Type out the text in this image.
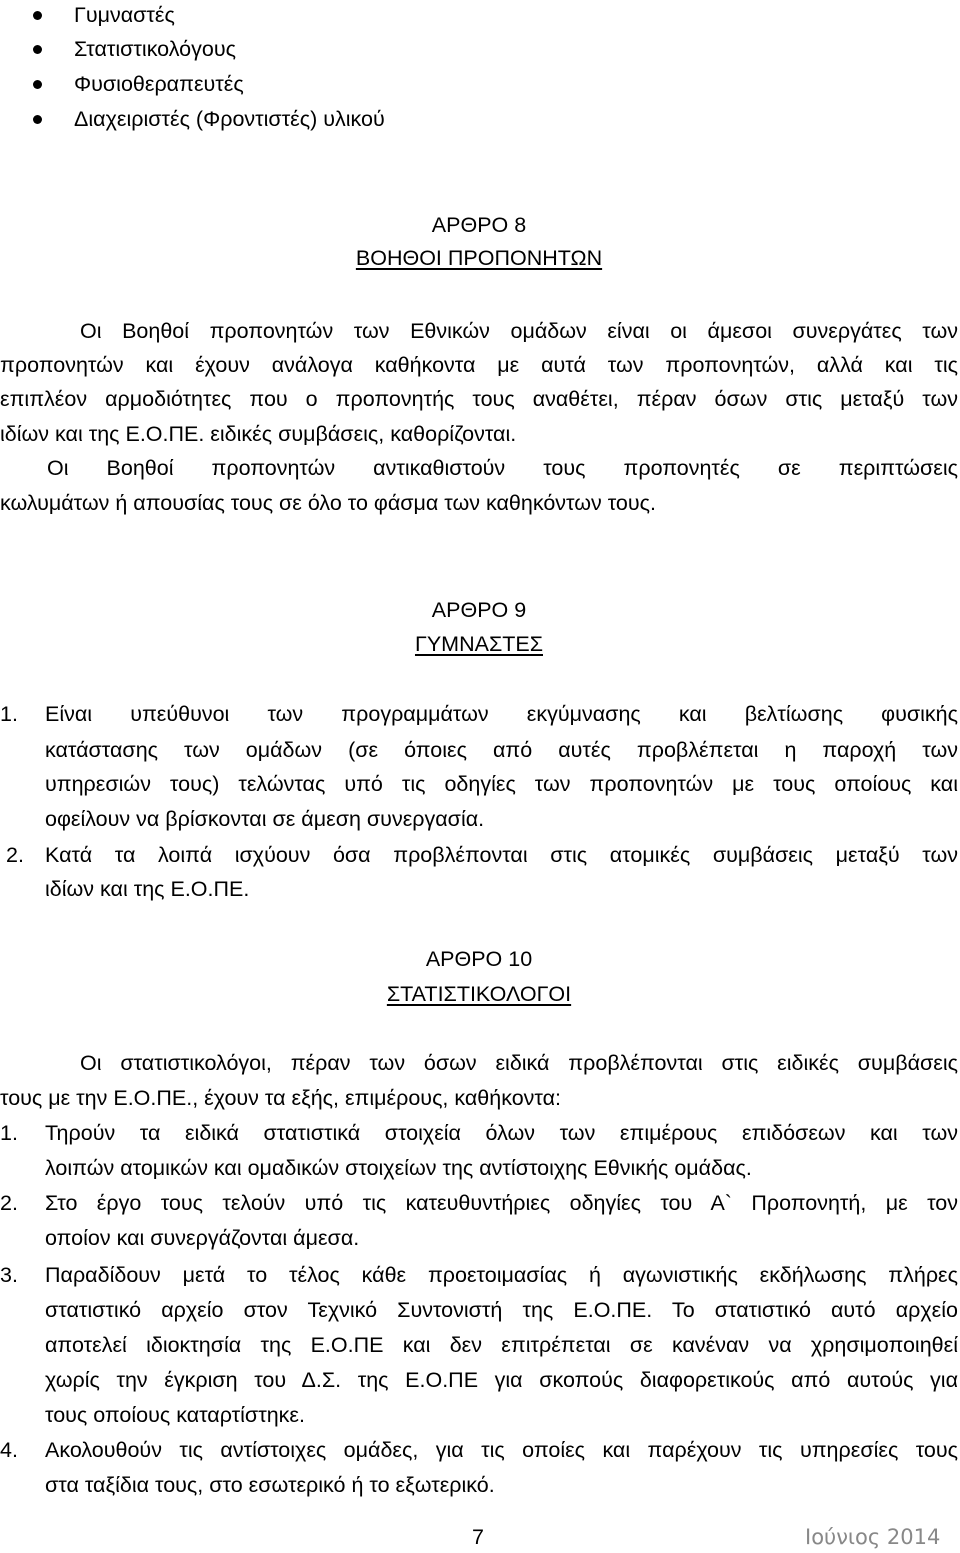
Γυμναστές
Στατιστικολόγους
Φυσιοθεραπευτές
Διαχειριστές (Φροντιστές) υλικού
ΑΡΘΡΟ 8
ΒΟΗΘΟΙ ΠΡΟΠΟΝΗΤΩΝ
Οι Βοηθοί προπονητών των Εθνικών ομάδων είναι οι άμεσοι συνεργάτες των
προπονητών και έχουν ανάλογα καθήκοντα με αυτά των προπονητών, αλλά και τις
επιπλέον αρμοδιότητες που ο προπονητής τους αναθέτει, πέραν όσων στις μεταξύ των
ιδίων και της Ε.Ο.ΠΕ. ειδικές συμβάσεις, καθορίζονται.
Οι Βοηθοί προπονητών αντικαθιστούν τους προπονητές σε περιπτώσεις
κωλυμάτων ή απουσίας τους σε όλο το φάσμα των καθηκόντων τους.
ΑΡΘΡΟ 9
ΓΥΜΝΑΣΤΕΣ
1. Είναι υπεύθυνοι των προγραμμάτων εκγύμνασης και βελτίωσης φυσικής
κατάστασης των ομάδων (σε όποιες από αυτές προβλέπεται η παροχή των
υπηρεσιών τους) τελώντας υπό τις οδηγίες των προπονητών με τους οποίους και
οφείλουν να βρίσκονται σε άμεση συνεργασία.
2. Κατά τα λοιπά ισχύουν όσα προβλέπονται στις ατομικές συμβάσεις μεταξύ των
ιδίων και της Ε.Ο.ΠΕ.
ΑΡΘΡΟ 10
ΣΤΑΤΙΣΤΙΚΟΛΟΓΟΙ
Οι στατιστικολόγοι, πέραν των όσων ειδικά προβλέπονται στις ειδικές συμβάσεις
τους με την Ε.Ο.ΠΕ., έχουν τα εξής, επιμέρους, καθήκοντα:
1. Τηρούν τα ειδικά στατιστικά στοιχεία όλων των επιμέρους επιδόσεων και των
λοιπών ατομικών και ομαδικών στοιχείων της αντίστοιχης Εθνικής ομάδας.
2. Στο έργο τους τελούν υπό τις κατευθυντήριες οδηγίες του Α` Προπονητή, με τον
οποίον και συνεργάζονται άμεσα.
3. Παραδίδουν μετά το τέλος κάθε προετοιμασίας ή αγωνιστικής εκδήλωσης πλήρες
στατιστικό αρχείο στον Τεχνικό Συντονιστή της Ε.Ο.ΠΕ. Το στατιστικό αυτό αρχείο
αποτελεί ιδιοκτησία της Ε.Ο.ΠΕ και δεν επιτρέπεται σε κανέναν να χρησιμοποιηθεί
χωρίς την έγκριση του Δ.Σ. της Ε.Ο.ΠΕ για σκοπούς διαφορετικούς από αυτούς για
τους οποίους καταρτίστηκε.
4. Ακολουθούν τις αντίστοιχες ομάδες, για τις οποίες και παρέχουν τις υπηρεσίες τους
στα ταξίδια τους, στο εσωτερικό ή το εξωτερικό.
7	Ιούνιος 2014
